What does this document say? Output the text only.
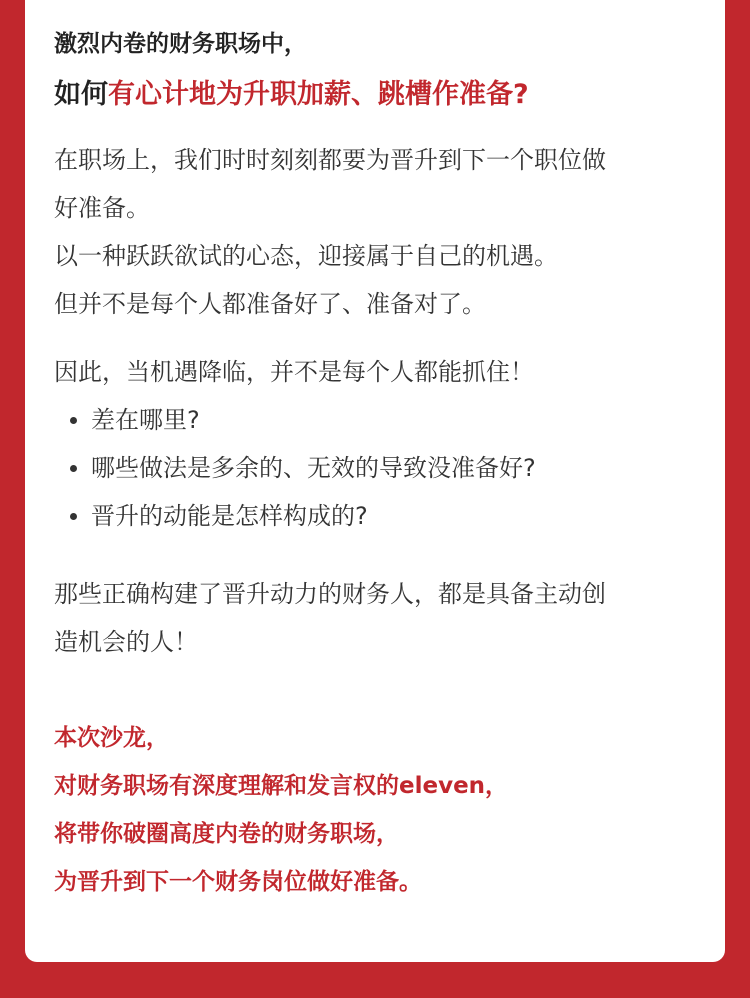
激烈内卷的财务职场中，
如何有心计地为升职加薪、跳槽作准备?

在职场上，我们时时刻刻都要为晋升到下一个职位做
好准备。
以一种跃跃欲试的心态，迎接属于自己的机遇。
但并不是每个人都准备好了、准备对了。

因此，当机遇降临，并不是每个人都能抓住！

差在哪里?
哪些做法是多余的、无效的导致没准备好?
晋升的动能是怎样构成的?

那些正确构建了晋升动力的财务人，都是具备主动创
造机会的人！

本次沙龙，
对财务职场有深度理解和发言权的eleven，
将带你破圈高度内卷的财务职场，
为晋升到下一个财务岗位做好准备。
